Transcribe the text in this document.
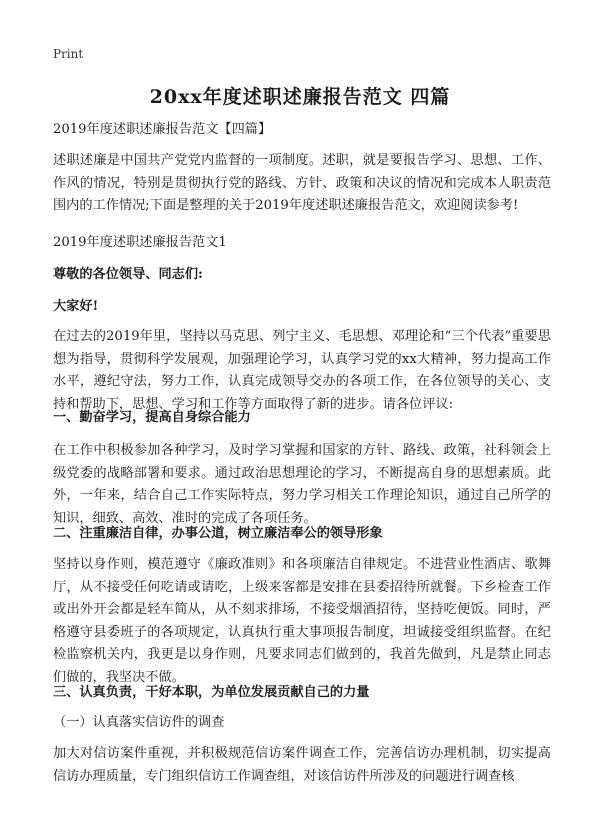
Print
20xx年度述职述廉报告范文 四篇
2019年度述职述廉报告范文【四篇】
述职述廉是中国共产党党内监督的一项制度。述职，就是要报告学习、思想、工作、作风的情况，特别是贯彻执行党的路线、方针、政策和决议的情况和完成本人职责范围内的工作情况;下面是整理的关于2019年度述职述廉报告范文，欢迎阅读参考!
2019年度述职述廉报告范文1
尊敬的各位领导、同志们:
大家好!
在过去的2019年里，坚持以马克思、列宁主义、毛思想、邓理论和“三个代表”重要思想为指导，贯彻科学发展观，加强理论学习，认真学习党的xx大精神，努力提高工作水平，遵纪守法，努力工作，认真完成领导交办的各项工作，在各位领导的关心、支持和帮助下，思想、学习和工作等方面取得了新的进步。请各位评议:
一、勤奋学习，提高自身综合能力
在工作中积极参加各种学习，及时学习掌握和国家的方针、路线、政策，社科领会上级党委的战略部署和要求。通过政治思想理论的学习，不断提高自身的思想素质。此外，一年来，结合自己工作实际特点，努力学习相关工作理论知识，通过自己所学的知识，细致、高效、准时的完成了各项任务。
二、注重廉洁自律，办事公道，树立廉洁奉公的领导形象
坚持以身作则，模范遵守《廉政准则》和各项廉洁自律规定。不进营业性酒店、歌舞厅，从不接受任何吃请或请吃，上级来客都是安排在县委招待所就餐。下乡检查工作或出外开会都是轻车简从，从不刻求排场，不接受烟酒招待，坚持吃便饭。同时，严格遵守县委班子的各项规定，认真执行重大事项报告制度，坦诚接受组织监督。在纪检监察机关内，我更是以身作则，凡要求同志们做到的，我首先做到，凡是禁止同志们做的，我坚决不做。
三、认真负责，干好本职，为单位发展贡献自己的力量
（一）认真落实信访件的调查
加大对信访案件重视，并积极规范信访案件调查工作，完善信访办理机制，切实提高信访办理质量，专门组织信访工作调查组，对该信访件所涉及的问题进行调查核
